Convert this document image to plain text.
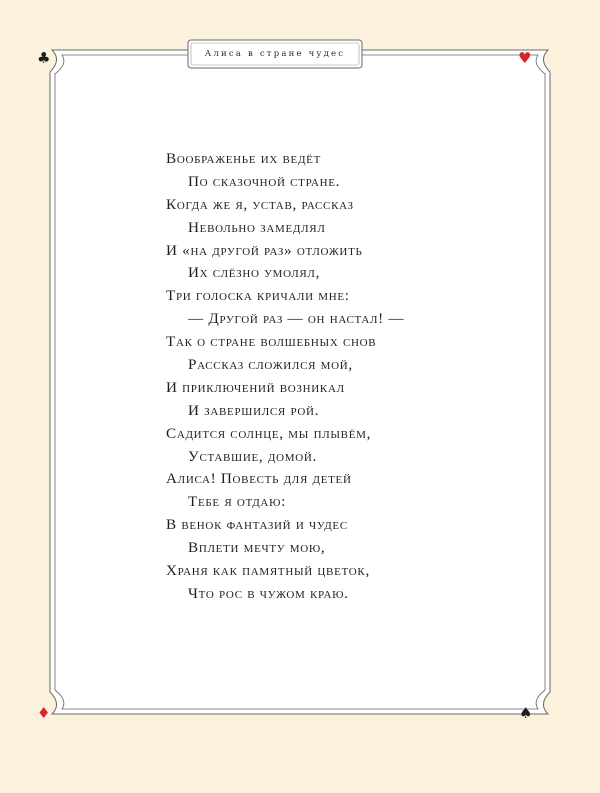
♣	♥
♦	♠
Алиса в стране чудес
Воображенье их ведёт
По сказочной стране.
Когда же я, устав, рассказ
Невольно замедлял
И «на другой раз» отложить
Их слёзно умолял,
Три голоска кричали мне:
— Другой раз — он настал! —
Так о стране волшебных снов
Рассказ сложился мой,
И приключений возникал
И завершился рой.
Садится солнце, мы плывём,
Уставшие, домой.
Алиса! Повесть для детей
Тебе я отдаю:
В венок фантазий и чудес
Вплети мечту мою,
Храня как памятный цветок,
Что рос в чужом краю.
